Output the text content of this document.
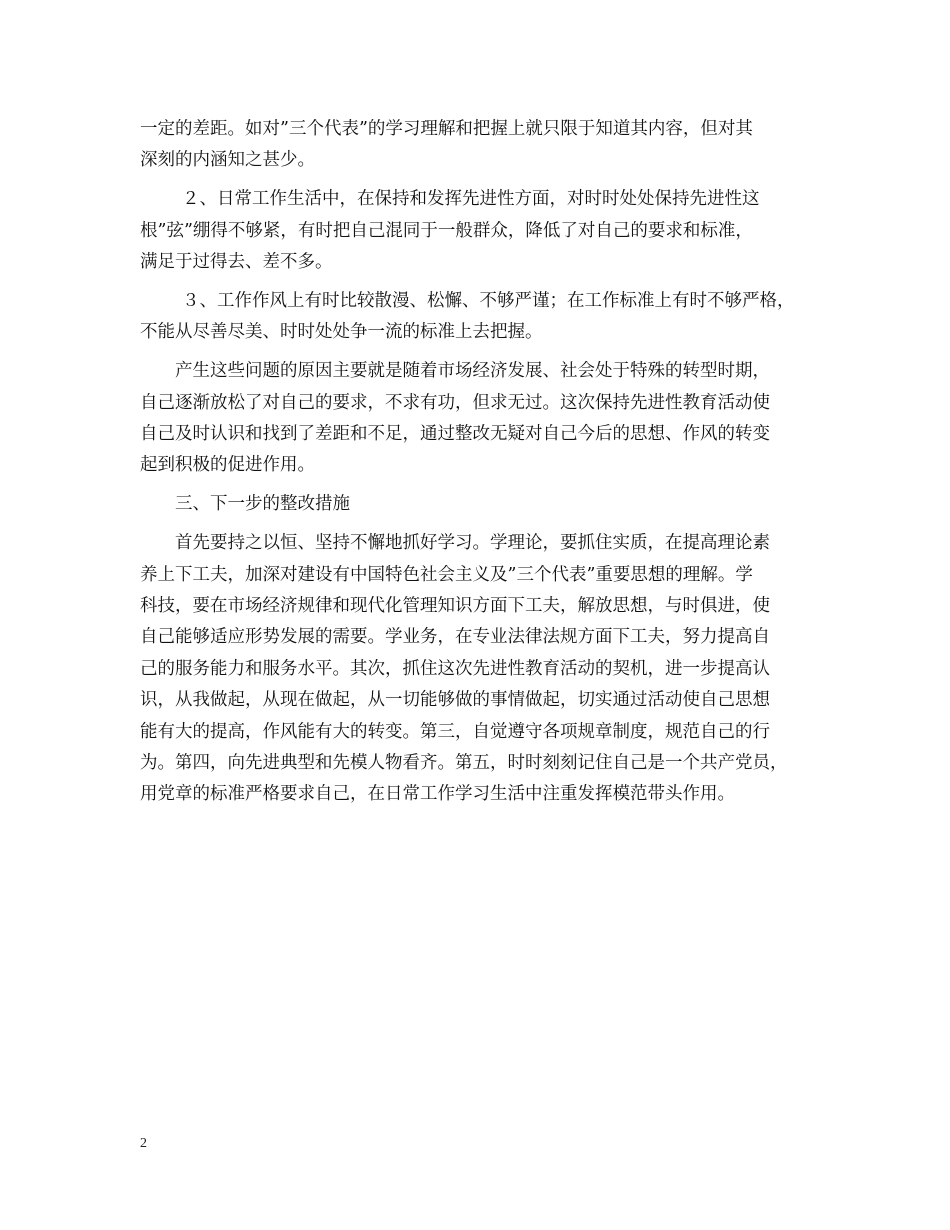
一定的差距。如对”三个代表”的学习理解和把握上就只限于知道其内容，但对其
深刻的内涵知之甚少。
２、日常工作生活中，在保持和发挥先进性方面，对时时处处保持先进性这
根”弦”绷得不够紧，有时把自己混同于一般群众，降低了对自己的要求和标准，
满足于过得去、差不多。
３、工作作风上有时比较散漫、松懈、不够严谨；在工作标准上有时不够严格，
不能从尽善尽美、时时处处争一流的标准上去把握。
产生这些问题的原因主要就是随着市场经济发展、社会处于特殊的转型时期，
自己逐渐放松了对自己的要求，不求有功，但求无过。这次保持先进性教育活动使
自己及时认识和找到了差距和不足，通过整改无疑对自己今后的思想、作风的转变
起到积极的促进作用。
三、下一步的整改措施
首先要持之以恒、坚持不懈地抓好学习。学理论，要抓住实质，在提高理论素
养上下工夫，加深对建设有中国特色社会主义及”三个代表”重要思想的理解。学
科技，要在市场经济规律和现代化管理知识方面下工夫，解放思想，与时俱进，使
自己能够适应形势发展的需要。学业务，在专业法律法规方面下工夫，努力提高自
己的服务能力和服务水平。其次，抓住这次先进性教育活动的契机，进一步提高认
识，从我做起，从现在做起，从一切能够做的事情做起，切实通过活动使自己思想
能有大的提高，作风能有大的转变。第三，自觉遵守各项规章制度，规范自己的行
为。第四，向先进典型和先模人物看齐。第五，时时刻刻记住自己是一个共产党员，
用党章的标准严格要求自己，在日常工作学习生活中注重发挥模范带头作用。
2
